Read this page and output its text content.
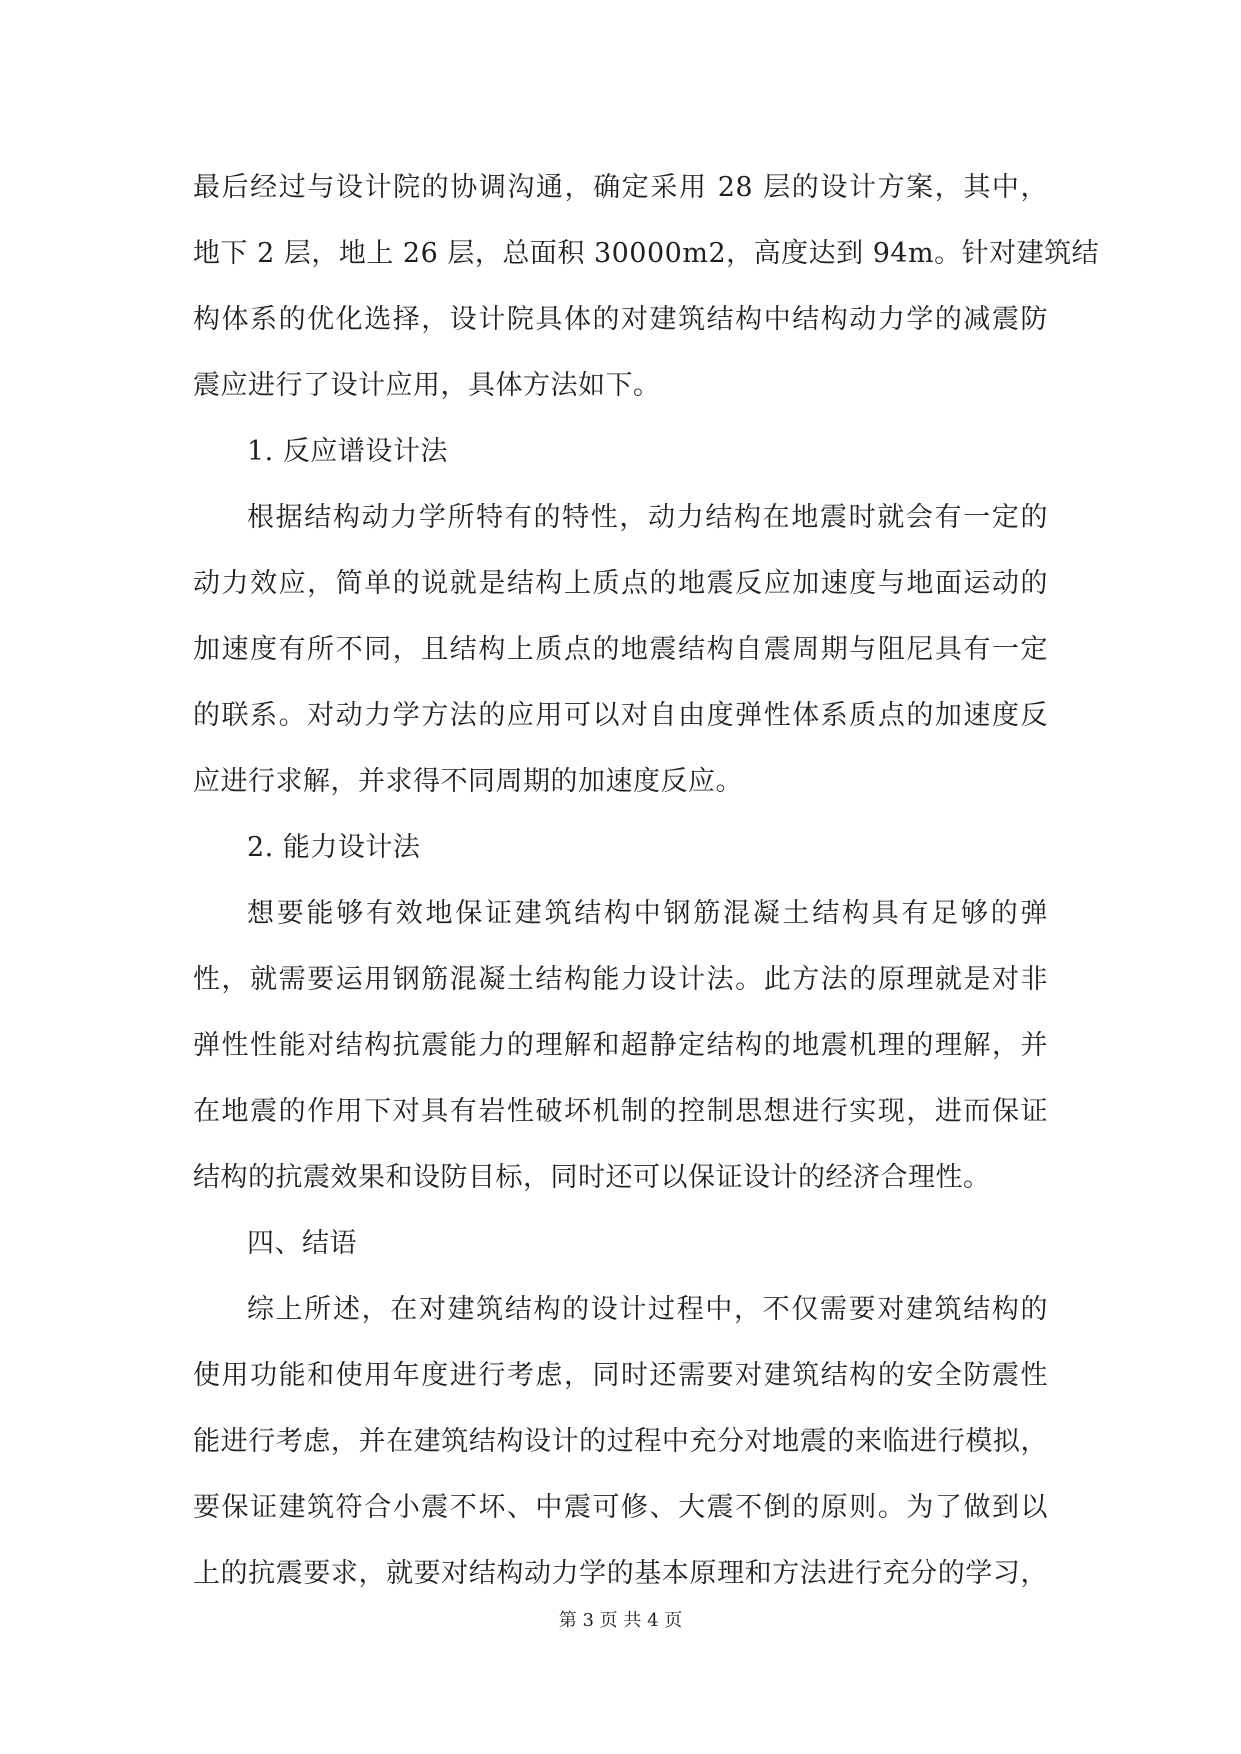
最后经过与设计院的协调沟通，确定采用 28 层的设计方案，其中，
地下 2 层，地上 26 层，总面积 30000m2，高度达到 94m。针对建筑结
构体系的优化选择，设计院具体的对建筑结构中结构动力学的减震防
震应进行了设计应用，具体方法如下。
1. 反应谱设计法
根据结构动力学所特有的特性，动力结构在地震时就会有一定的
动力效应，简单的说就是结构上质点的地震反应加速度与地面运动的
加速度有所不同，且结构上质点的地震结构自震周期与阻尼具有一定
的联系。对动力学方法的应用可以对自由度弹性体系质点的加速度反
应进行求解，并求得不同周期的加速度反应。
2. 能力设计法
想要能够有效地保证建筑结构中钢筋混凝土结构具有足够的弹
性，就需要运用钢筋混凝土结构能力设计法。此方法的原理就是对非
弹性性能对结构抗震能力的理解和超静定结构的地震机理的理解，并
在地震的作用下对具有岩性破坏机制的控制思想进行实现，进而保证
结构的抗震效果和设防目标，同时还可以保证设计的经济合理性。
四、结语
综上所述，在对建筑结构的设计过程中，不仅需要对建筑结构的
使用功能和使用年度进行考虑，同时还需要对建筑结构的安全防震性
能进行考虑，并在建筑结构设计的过程中充分对地震的来临进行模拟，
要保证建筑符合小震不坏、中震可修、大震不倒的原则。为了做到以
上的抗震要求，就要对结构动力学的基本原理和方法进行充分的学习，
第 3 页 共 4 页
